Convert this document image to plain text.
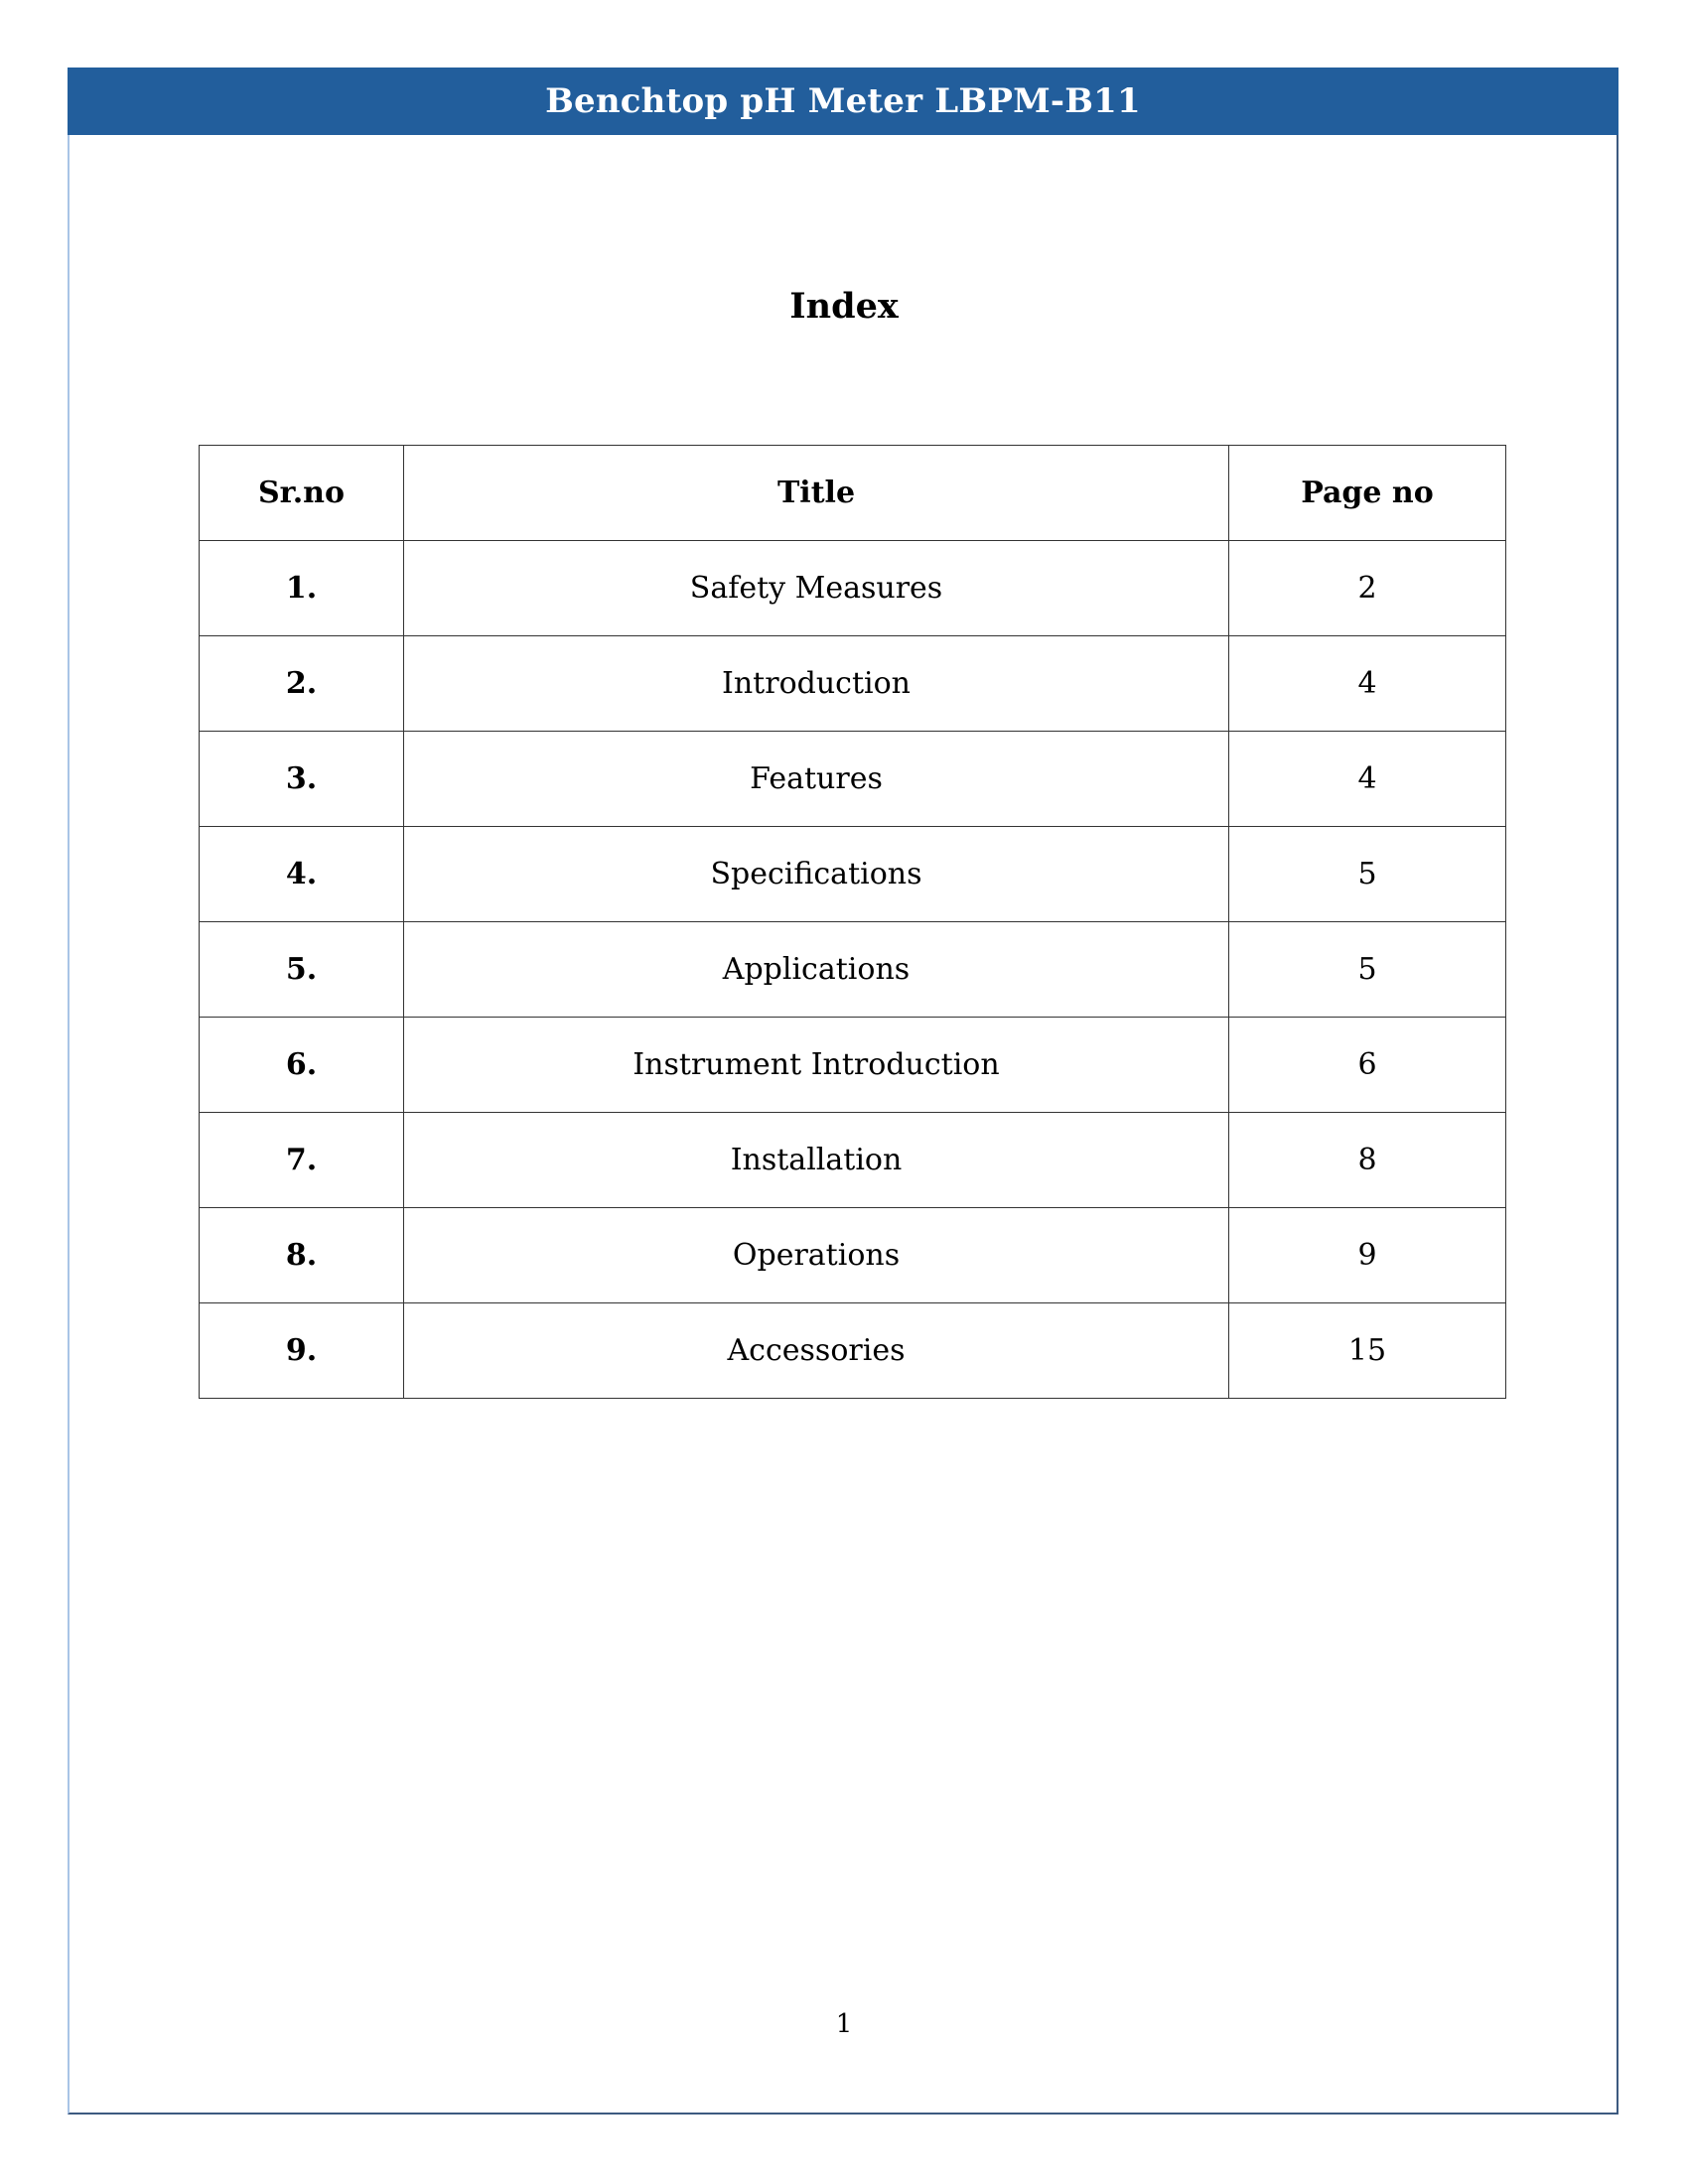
Benchtop pH Meter LBPM-B11
Index
Sr.no	Title	Page no
1.	Safety Measures	2
2.	Introduction	4
3.	Features	4
4.	Specifications	5
5.	Applications	5
6.	Instrument Introduction	6
7.	Installation	8
8.	Operations	9
9.	Accessories	15
1
